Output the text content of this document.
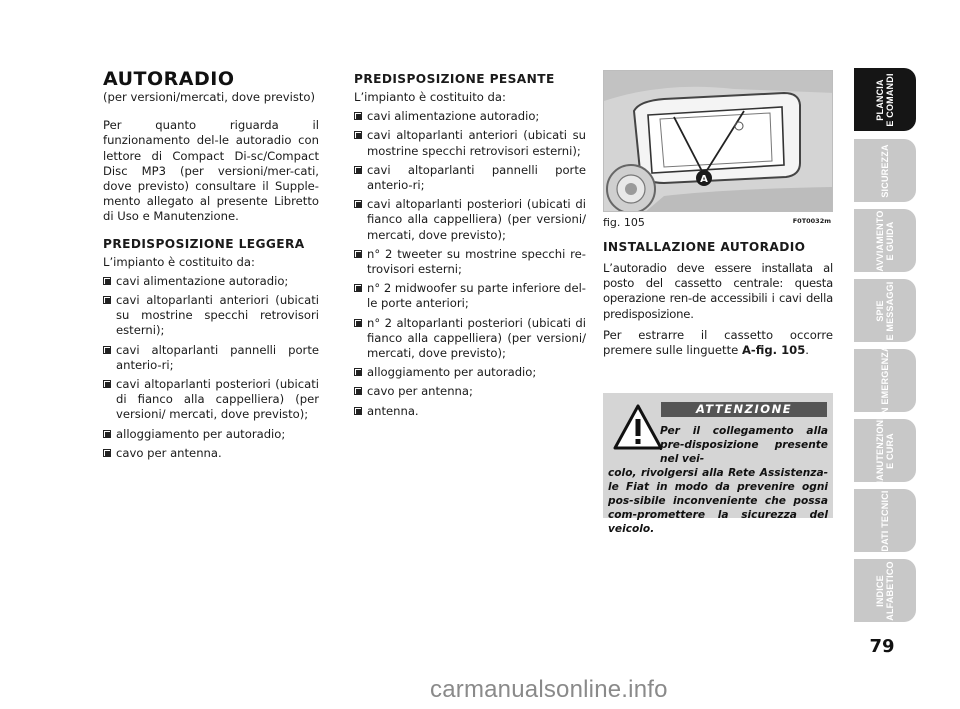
AUTORADIO
(per versioni/mercati, dove previsto)

Per quanto riguarda il funzionamento del-le autoradio con lettore di Compact Di-sc/Compact Disc MP3 (per versioni/mer-cati, dove previsto) consultare il Supple-mento allegato al presente Libretto di Uso e Manutenzione.

PREDISPOSIZIONE LEGGERA
L’impianto è costituito da:
cavi alimentazione autoradio;
cavi altoparlanti anteriori (ubicati su mostrine specchi retrovisori esterni);
cavi altoparlanti pannelli porte anterio-ri;
cavi altoparlanti posteriori (ubicati di fianco alla cappelliera) (per versioni/ mercati, dove previsto);
alloggiamento per autoradio;
cavo per antenna.
PREDISPOSIZIONE PESANTE
L’impianto è costituito da:
cavi alimentazione autoradio;
cavi altoparlanti anteriori (ubicati su mostrine specchi retrovisori esterni);
cavi altoparlanti pannelli porte anterio-ri;
cavi altoparlanti posteriori (ubicati di fianco alla cappelliera) (per versioni/ mercati, dove previsto);
n° 2 tweeter su mostrine specchi re-trovisori esterni;
n° 2 midwoofer su parte inferiore del-le porte anteriori;
n° 2 altoparlanti posteriori (ubicati di fianco alla cappelliera) (per versioni/ mercati, dove previsto);
alloggiamento per autoradio;
cavo per antenna;
antenna.
A
fig. 105	F0T0032m
INSTALLAZIONE AUTORADIO

L’autoradio deve essere installata al posto del cassetto centrale: questa operazione ren-de accessibili i cavi della predisposizione.

Per estrarre il cassetto occorre premere sulle linguette A-fig. 105.

ATTENZIONE
Per il collegamento alla pre-disposizione presente nel vei-
colo, rivolgersi alla Rete Assistenza-le Fiat in modo da prevenire ogni pos-sibile inconveniente che possa com-promettere la sicurezza del veicolo.
PLANCIA
E COMANDI
SICUREZZA
AVVIAMENTO
E GUIDA
SPIE
E MESSAGGI
IN EMERGENZA
MANUTENZIONE
E CURA
DATI TECNICI
INDICE
ALFABETICO
79
carmanualsonline.info
